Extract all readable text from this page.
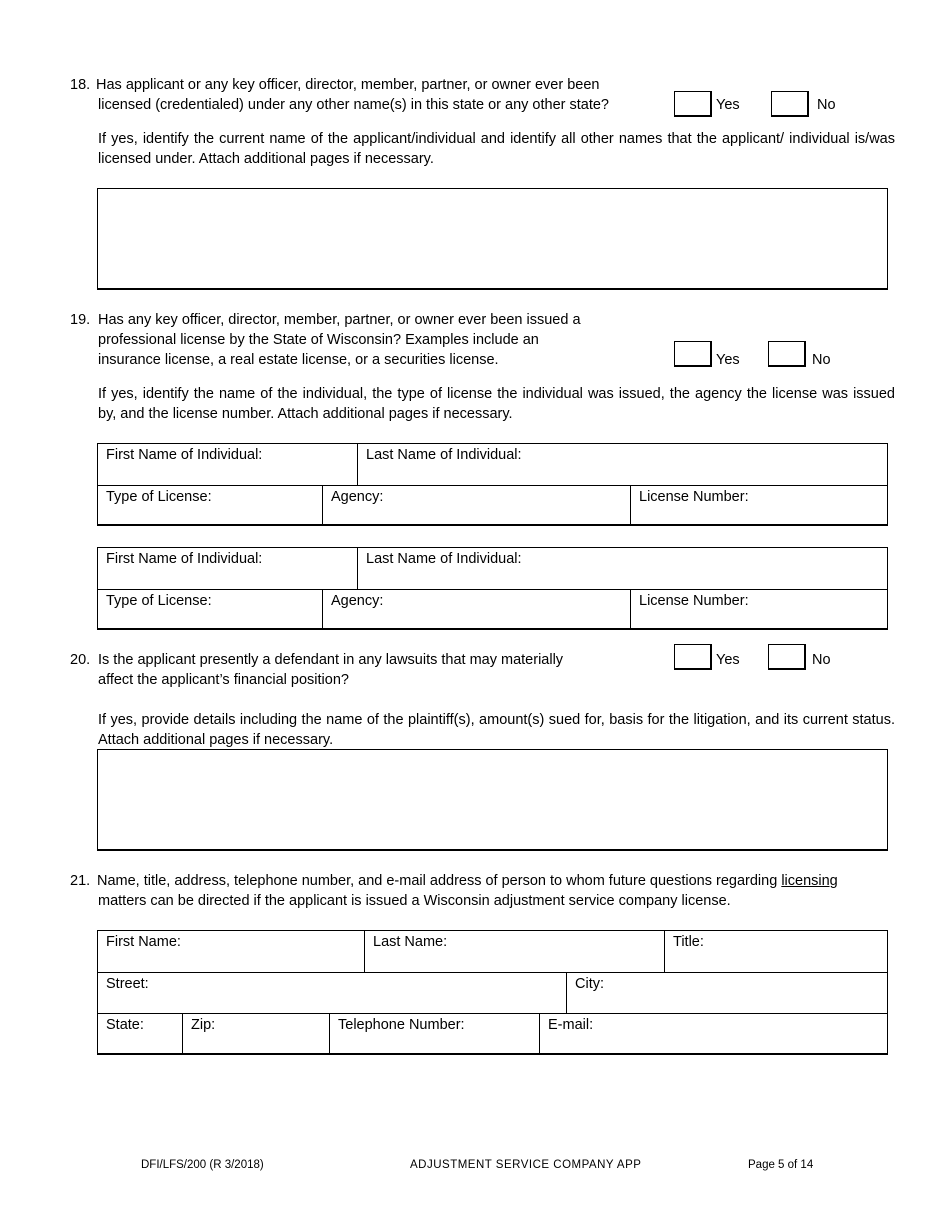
18. Has applicant or any key officer, director, member, partner, or owner ever been
licensed (credentialed) under any other name(s) in this state or any other state?	Yes	No
If yes, identify the current name of the applicant/individual and identify all other names that the applicant/ individual is/was licensed under. Attach additional pages if necessary.
19. Has any key officer, director, member, partner, or owner ever been issued a
professional license by the State of Wisconsin? Examples include an
insurance license, a real estate license, or a securities license.	Yes	No
If yes, identify the name of the individual, the type of license the individual was issued, the agency the license was issued by, and the license number. Attach additional pages if necessary.
First Name of Individual:	Last Name of Individual:
Type of License:	Agency:	License Number:
First Name of Individual:	Last Name of Individual:
Type of License:	Agency:	License Number:
20. Is the applicant presently a defendant in any lawsuits that may materially
affect the applicant’s financial position?
Yes	No
If yes, provide details including the name of the plaintiff(s), amount(s) sued for, basis for the litigation, and its current status. Attach additional pages if necessary.
21. Name, title, address, telephone number, and e-mail address of person to whom future questions regarding licensing
matters can be directed if the applicant is issued a Wisconsin adjustment service company license.
First Name:	Last Name:	Title:
Street:	City:
State:	Zip:	Telephone Number:	E-mail:
DFI/LFS/200 (R 3/2018)	ADJUSTMENT SERVICE COMPANY APP	Page 5 of 14
